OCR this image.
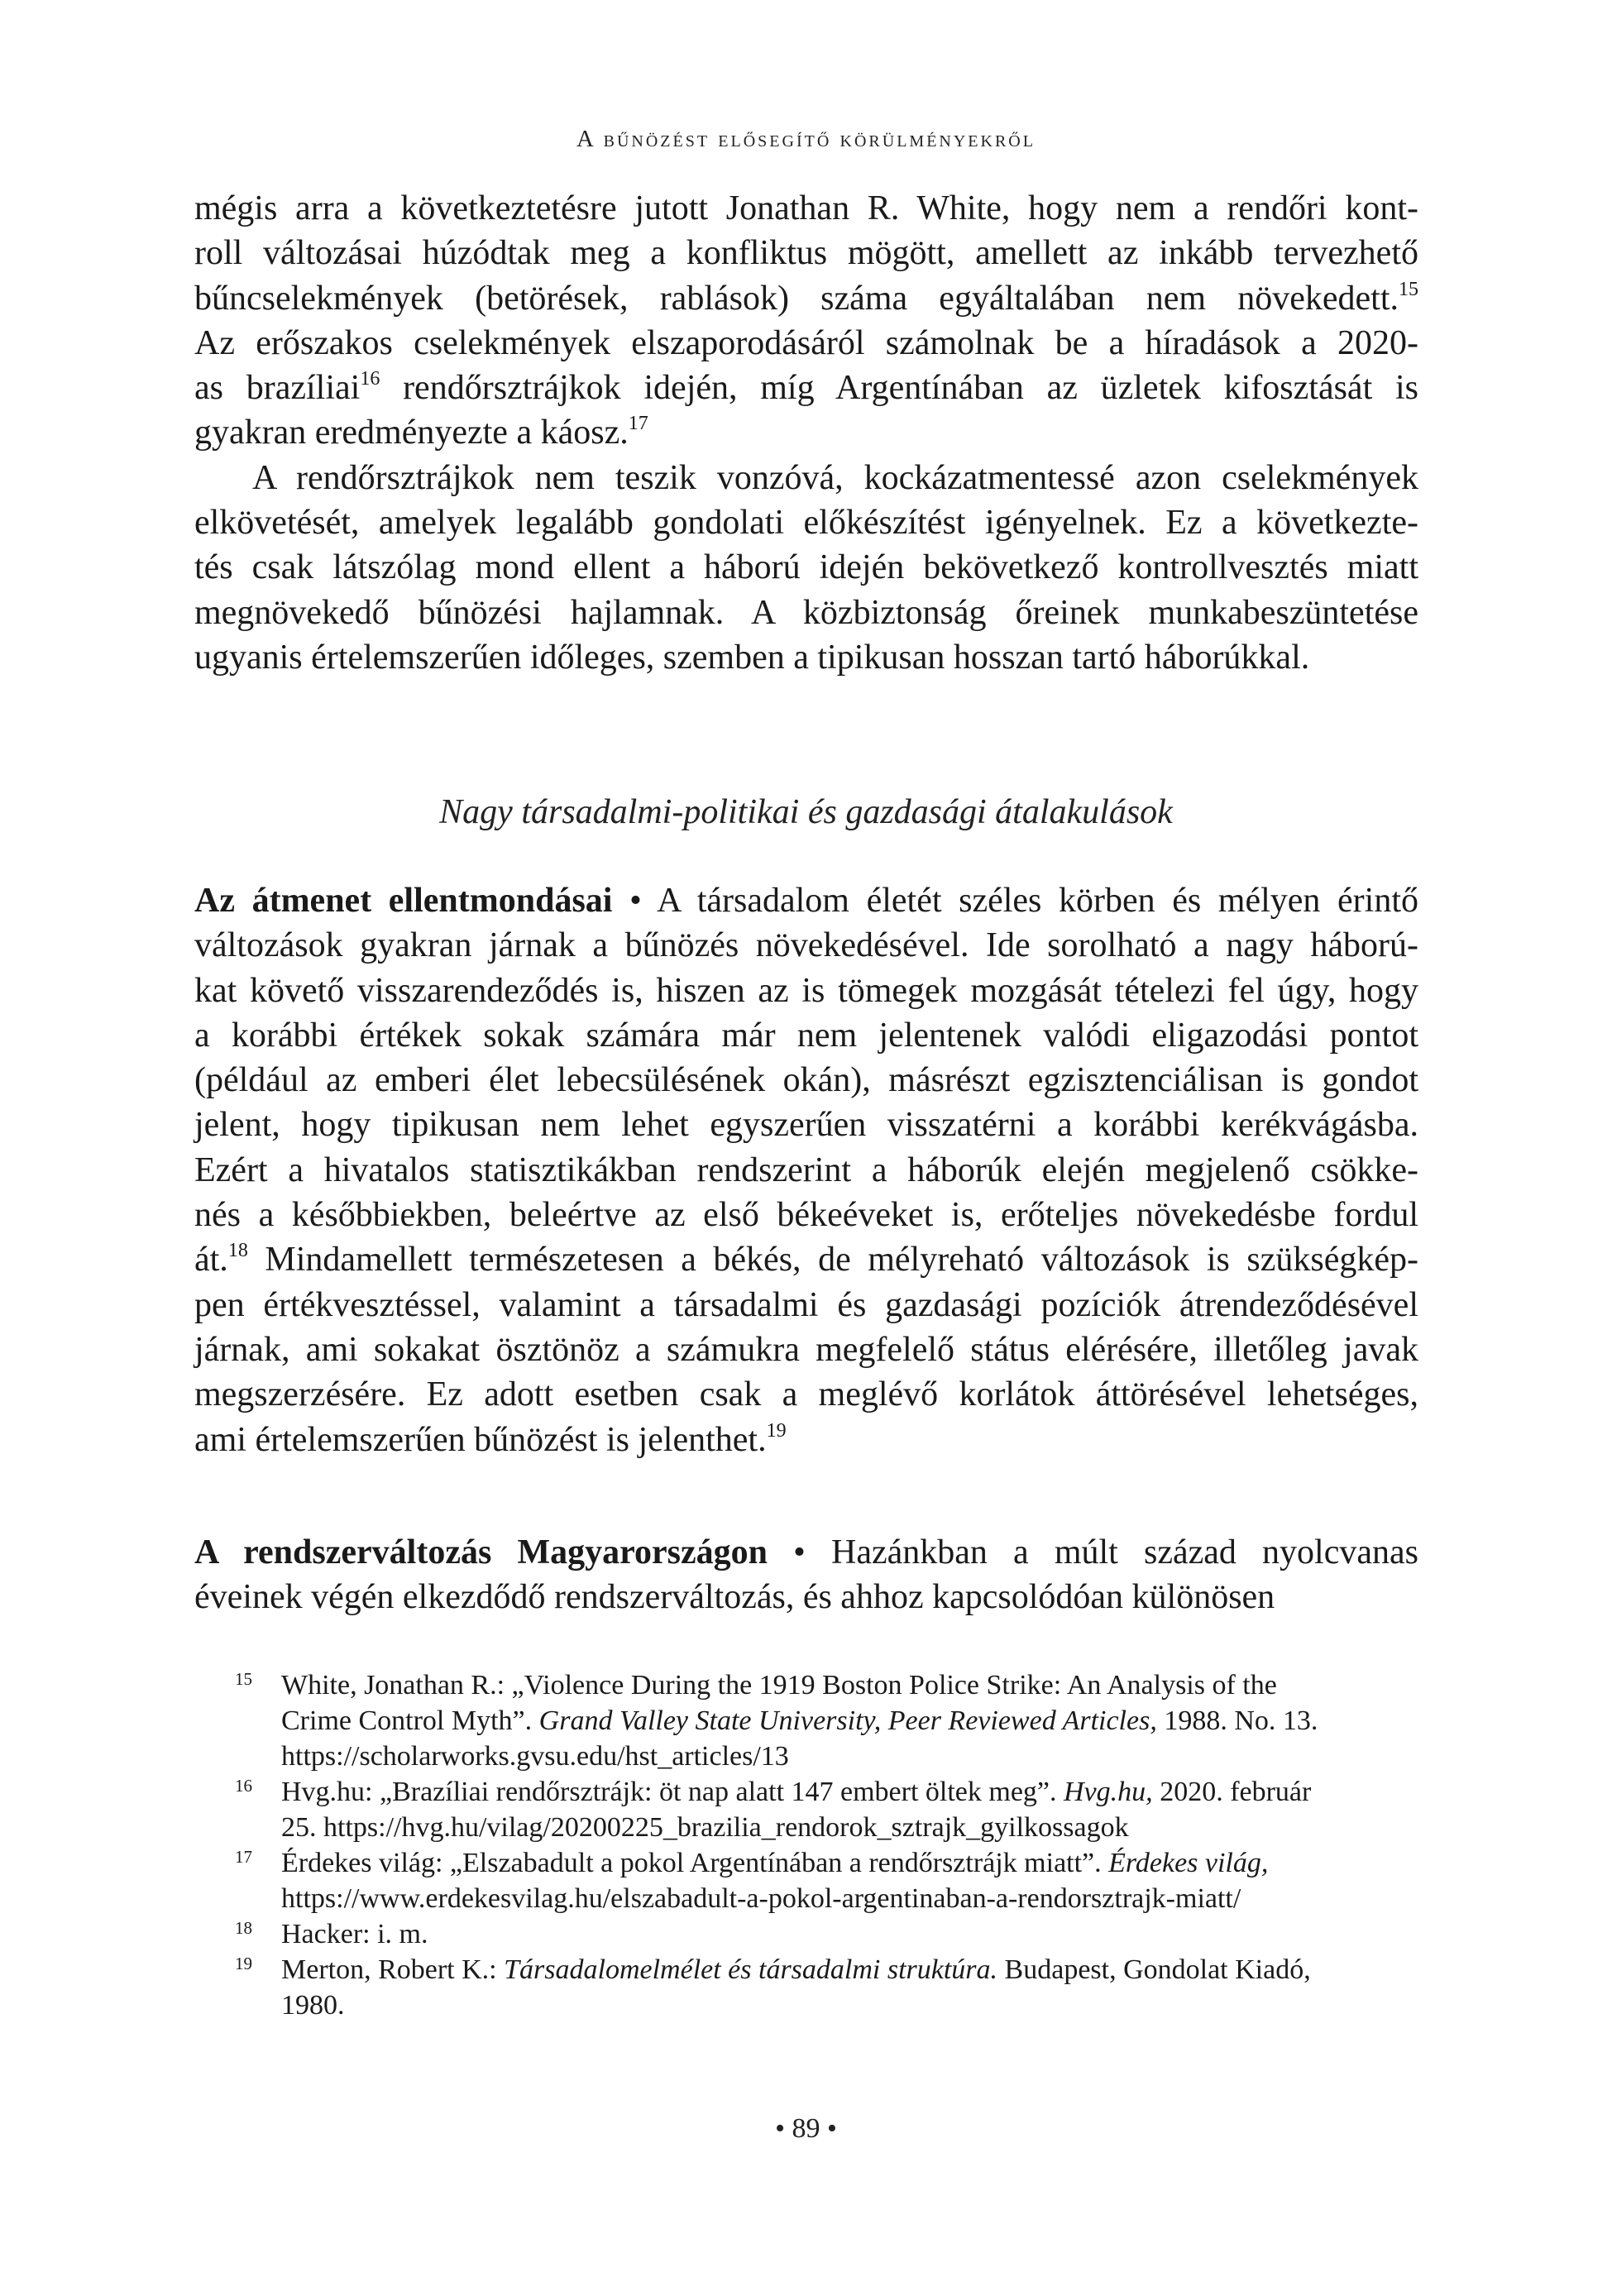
A bűnözést elősegítő körülményekről
mégis arra a következtetésre jutott Jonathan R. White, hogy nem a rendőri kont-
roll változásai húzódtak meg a konfliktus mögött, amellett az inkább tervezhető
bűncselekmények (betörések, rablások) száma egyáltalában nem növekedett.$^{15}$
Az erőszakos cselekmények elszaporodásáról számolnak be a híradások a 2020-
as brazíliai$^{16}$ rendőrsztrájkok idején, míg Argentínában az üzletek kifosztását is
gyakran eredményezte a káosz.$^{17}$
A rendőrsztrájkok nem teszik vonzóvá, kockázatmentessé azon cselekmények
elkövetését, amelyek legalább gondolati előkészítést igényelnek. Ez a következte-
tés csak látszólag mond ellent a háború idején bekövetkező kontrollvesztés miatt
megnövekedő bűnözési hajlamnak. A közbiztonság őreinek munkabeszüntetése
ugyanis értelemszerűen időleges, szemben a tipikusan hosszan tartó háborúkkal.
Nagy társadalmi-politikai és gazdasági átalakulások
Az átmenet ellentmondásai • A társadalom életét széles körben és mélyen érintő
változások gyakran járnak a bűnözés növekedésével. Ide sorolható a nagy háború-
kat követő visszarendeződés is, hiszen az is tömegek mozgását tételezi fel úgy, hogy
a korábbi értékek sokak számára már nem jelentenek valódi eligazodási pontot
(például az emberi élet lebecsülésének okán), másrészt egzisztenciálisan is gondot
jelent, hogy tipikusan nem lehet egyszerűen visszatérni a korábbi kerékvágásba.
Ezért a hivatalos statisztikákban rendszerint a háborúk elején megjelenő csökke-
nés a későbbiekben, beleértve az első békeéveket is, erőteljes növekedésbe fordul
át.$^{18}$ Mindamellett természetesen a békés, de mélyreható változások is szükségkép-
pen értékvesztéssel, valamint a társadalmi és gazdasági pozíciók átrendeződésével
járnak, ami sokakat ösztönöz a számukra megfelelő státus elérésére, illetőleg javak
megszerzésére. Ez adott esetben csak a meglévő korlátok áttörésével lehetséges,
ami értelemszerűen bűnözést is jelenthet.$^{19}$
A rendszerváltozás Magyarországon • Hazánkban a múlt század nyolcvanas
éveinek végén elkezdődő rendszerváltozás, és ahhoz kapcsolódóan különösen
15	White, Jonathan R.: „Violence During the 1919 Boston Police Strike: An Analysis of the
Crime Control Myth”. Grand Valley State University, Peer Reviewed Articles, 1988. No. 13.
https://scholarworks.gvsu.edu/hst_articles/13
16	Hvg.hu: „Brazíliai rendőrsztrájk: öt nap alatt 147 embert öltek meg”. Hvg.hu, 2020. február
25. https://hvg.hu/vilag/20200225_brazilia_rendorok_sztrajk_gyilkossagok
17	Érdekes világ: „Elszabadult a pokol Argentínában a rendőrsztrájk miatt”. Érdekes világ,
https://www.erdekesvilag.hu/elszabadult-a-pokol-argentinaban-a-rendorsztrajk-miatt/
18	Hacker: i. m.
19	Merton, Robert K.: Társadalomelmélet és társadalmi struktúra. Budapest, Gondolat Kiadó,
1980.
• 89 •
